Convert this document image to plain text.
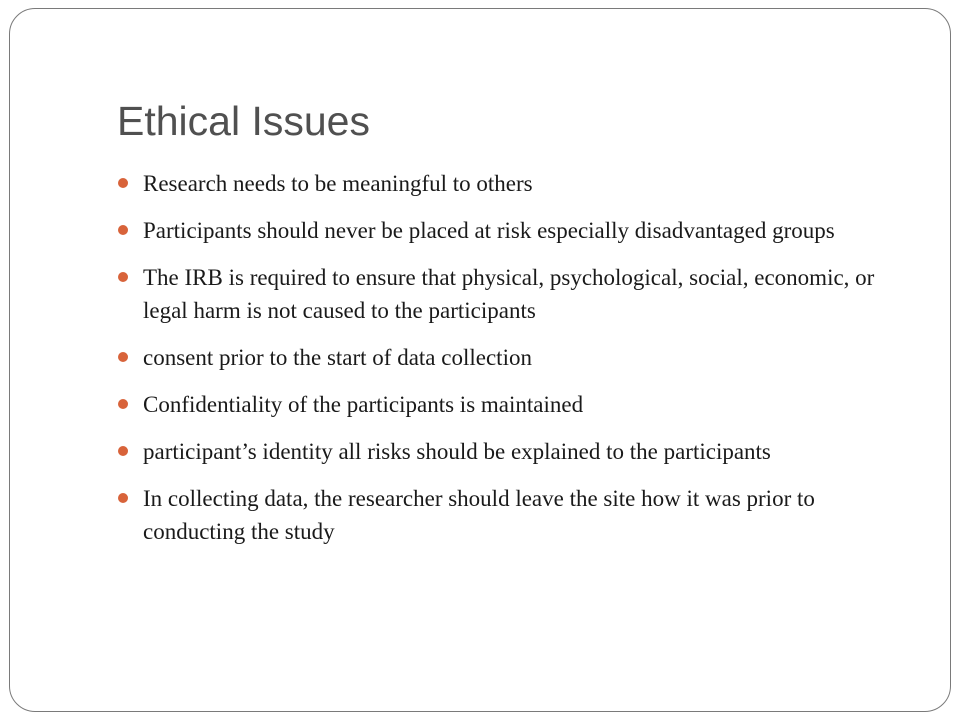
Ethical Issues
Research needs to be meaningful to others
Participants should never be placed at risk especially disadvantaged groups
The IRB is required to ensure that physical, psychological, social, economic, or legal harm is not caused to the participants
consent prior to the start of data collection
Confidentiality of the participants is maintained
participant’s identity all risks should be explained to the participants
In collecting data, the researcher should leave the site how it was prior to conducting the study
